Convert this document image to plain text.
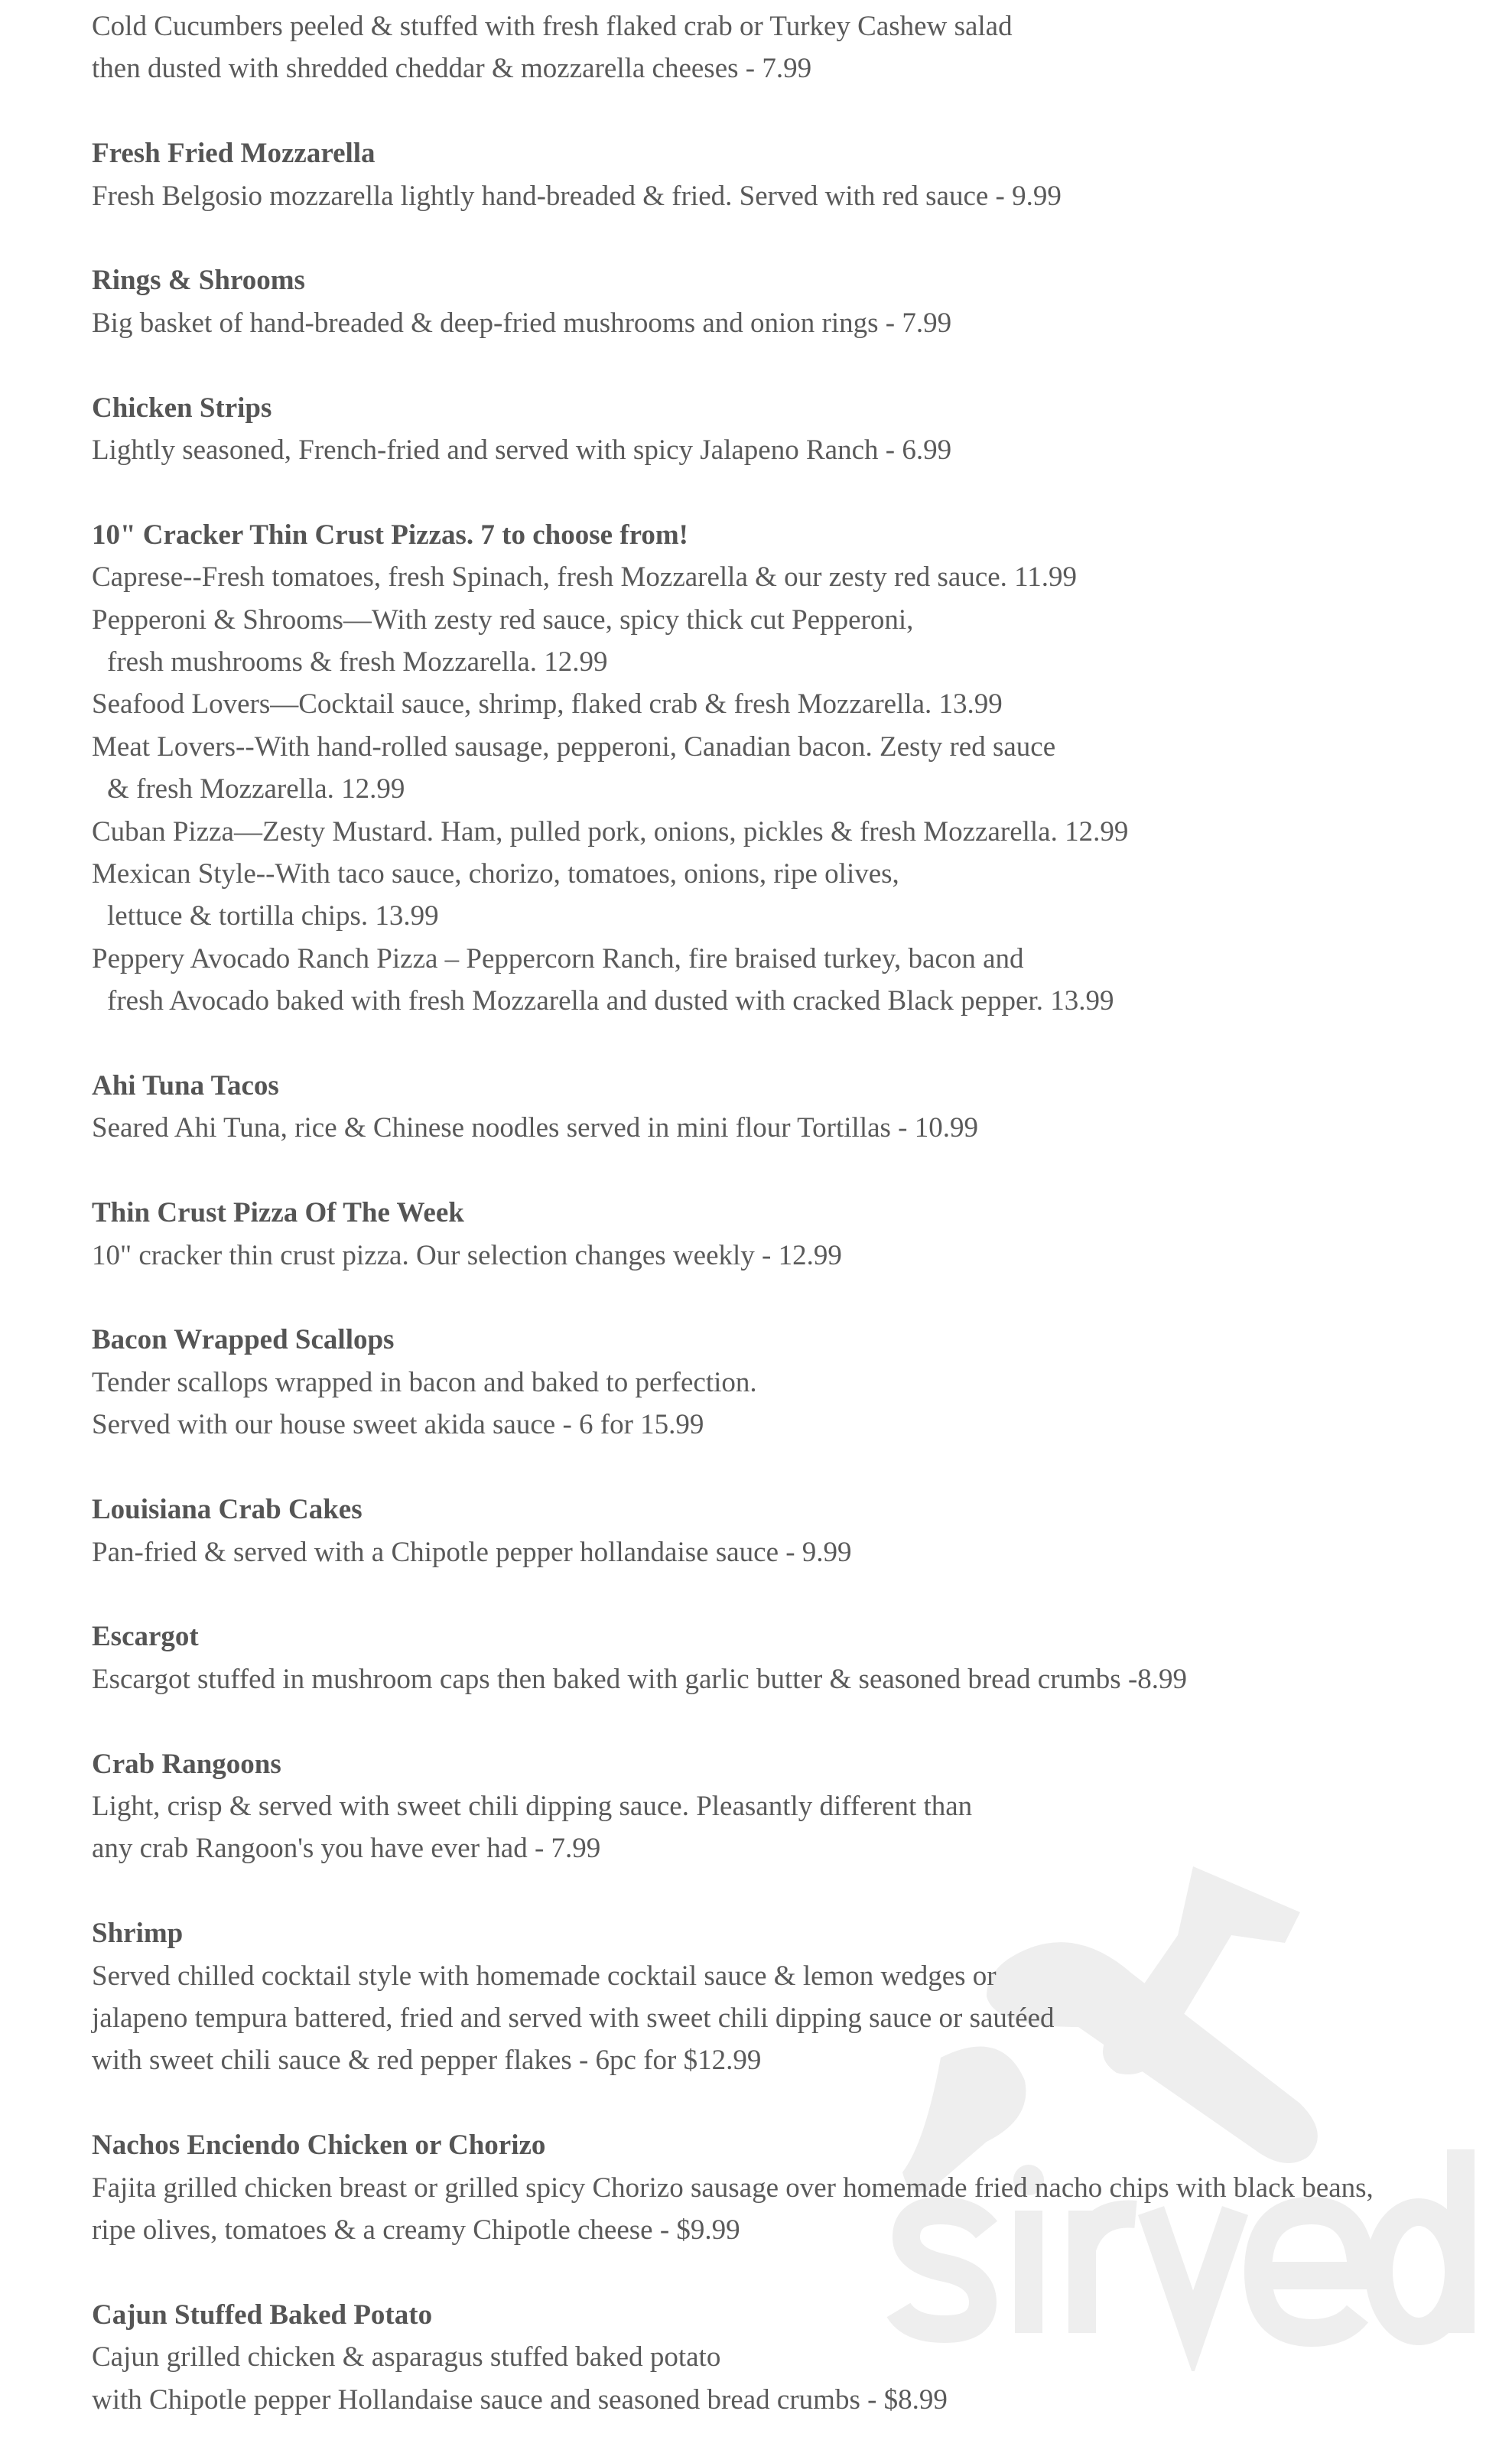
Cold Cucumbers peeled & stuffed with fresh flaked crab or Turkey Cashew salad
then dusted with shredded cheddar & mozzarella cheeses - 7.99
Fresh Fried Mozzarella
Fresh Belgosio mozzarella lightly hand-breaded & fried. Served with red sauce - 9.99
Rings & Shrooms
Big basket of hand-breaded & deep-fried mushrooms and onion rings - 7.99
Chicken Strips
Lightly seasoned, French-fried and served with spicy Jalapeno Ranch - 6.99
10" Cracker Thin Crust Pizzas. 7 to choose from!
Caprese--Fresh tomatoes, fresh Spinach, fresh Mozzarella & our zesty red sauce. 11.99
Pepperoni & Shrooms—With zesty red sauce, spicy thick cut Pepperoni,
fresh mushrooms & fresh Mozzarella. 12.99
Seafood Lovers—Cocktail sauce, shrimp, flaked crab & fresh Mozzarella. 13.99
Meat Lovers--With hand-rolled sausage, pepperoni, Canadian bacon. Zesty red sauce
& fresh Mozzarella. 12.99
Cuban Pizza—Zesty Mustard. Ham, pulled pork, onions, pickles & fresh Mozzarella. 12.99
Mexican Style--With taco sauce, chorizo, tomatoes, onions, ripe olives,
lettuce & tortilla chips. 13.99
Peppery Avocado Ranch Pizza – Peppercorn Ranch, fire braised turkey, bacon and
fresh Avocado baked with fresh Mozzarella and dusted with cracked Black pepper. 13.99
Ahi Tuna Tacos
Seared Ahi Tuna, rice & Chinese noodles served in mini flour Tortillas - 10.99
Thin Crust Pizza Of The Week
10" cracker thin crust pizza. Our selection changes weekly - 12.99
Bacon Wrapped Scallops
Tender scallops wrapped in bacon and baked to perfection.
Served with our house sweet akida sauce - 6 for 15.99
Louisiana Crab Cakes
Pan-fried & served with a Chipotle pepper hollandaise sauce - 9.99
Escargot
Escargot stuffed in mushroom caps then baked with garlic butter & seasoned bread crumbs -8.99
Crab Rangoons
Light, crisp & served with sweet chili dipping sauce. Pleasantly different than
any crab Rangoon's you have ever had - 7.99
Shrimp
Served chilled cocktail style with homemade cocktail sauce & lemon wedges or
jalapeno tempura battered, fried and served with sweet chili dipping sauce or sautéed
with sweet chili sauce & red pepper flakes - 6pc for $12.99
Nachos Enciendo Chicken or Chorizo
Fajita grilled chicken breast or grilled spicy Chorizo sausage over homemade fried nacho chips with black beans,
ripe olives, tomatoes & a creamy Chipotle cheese - $9.99
Cajun Stuffed Baked Potato
Cajun grilled chicken & asparagus stuffed baked potato
with Chipotle pepper Hollandaise sauce and seasoned bread crumbs - $8.99
